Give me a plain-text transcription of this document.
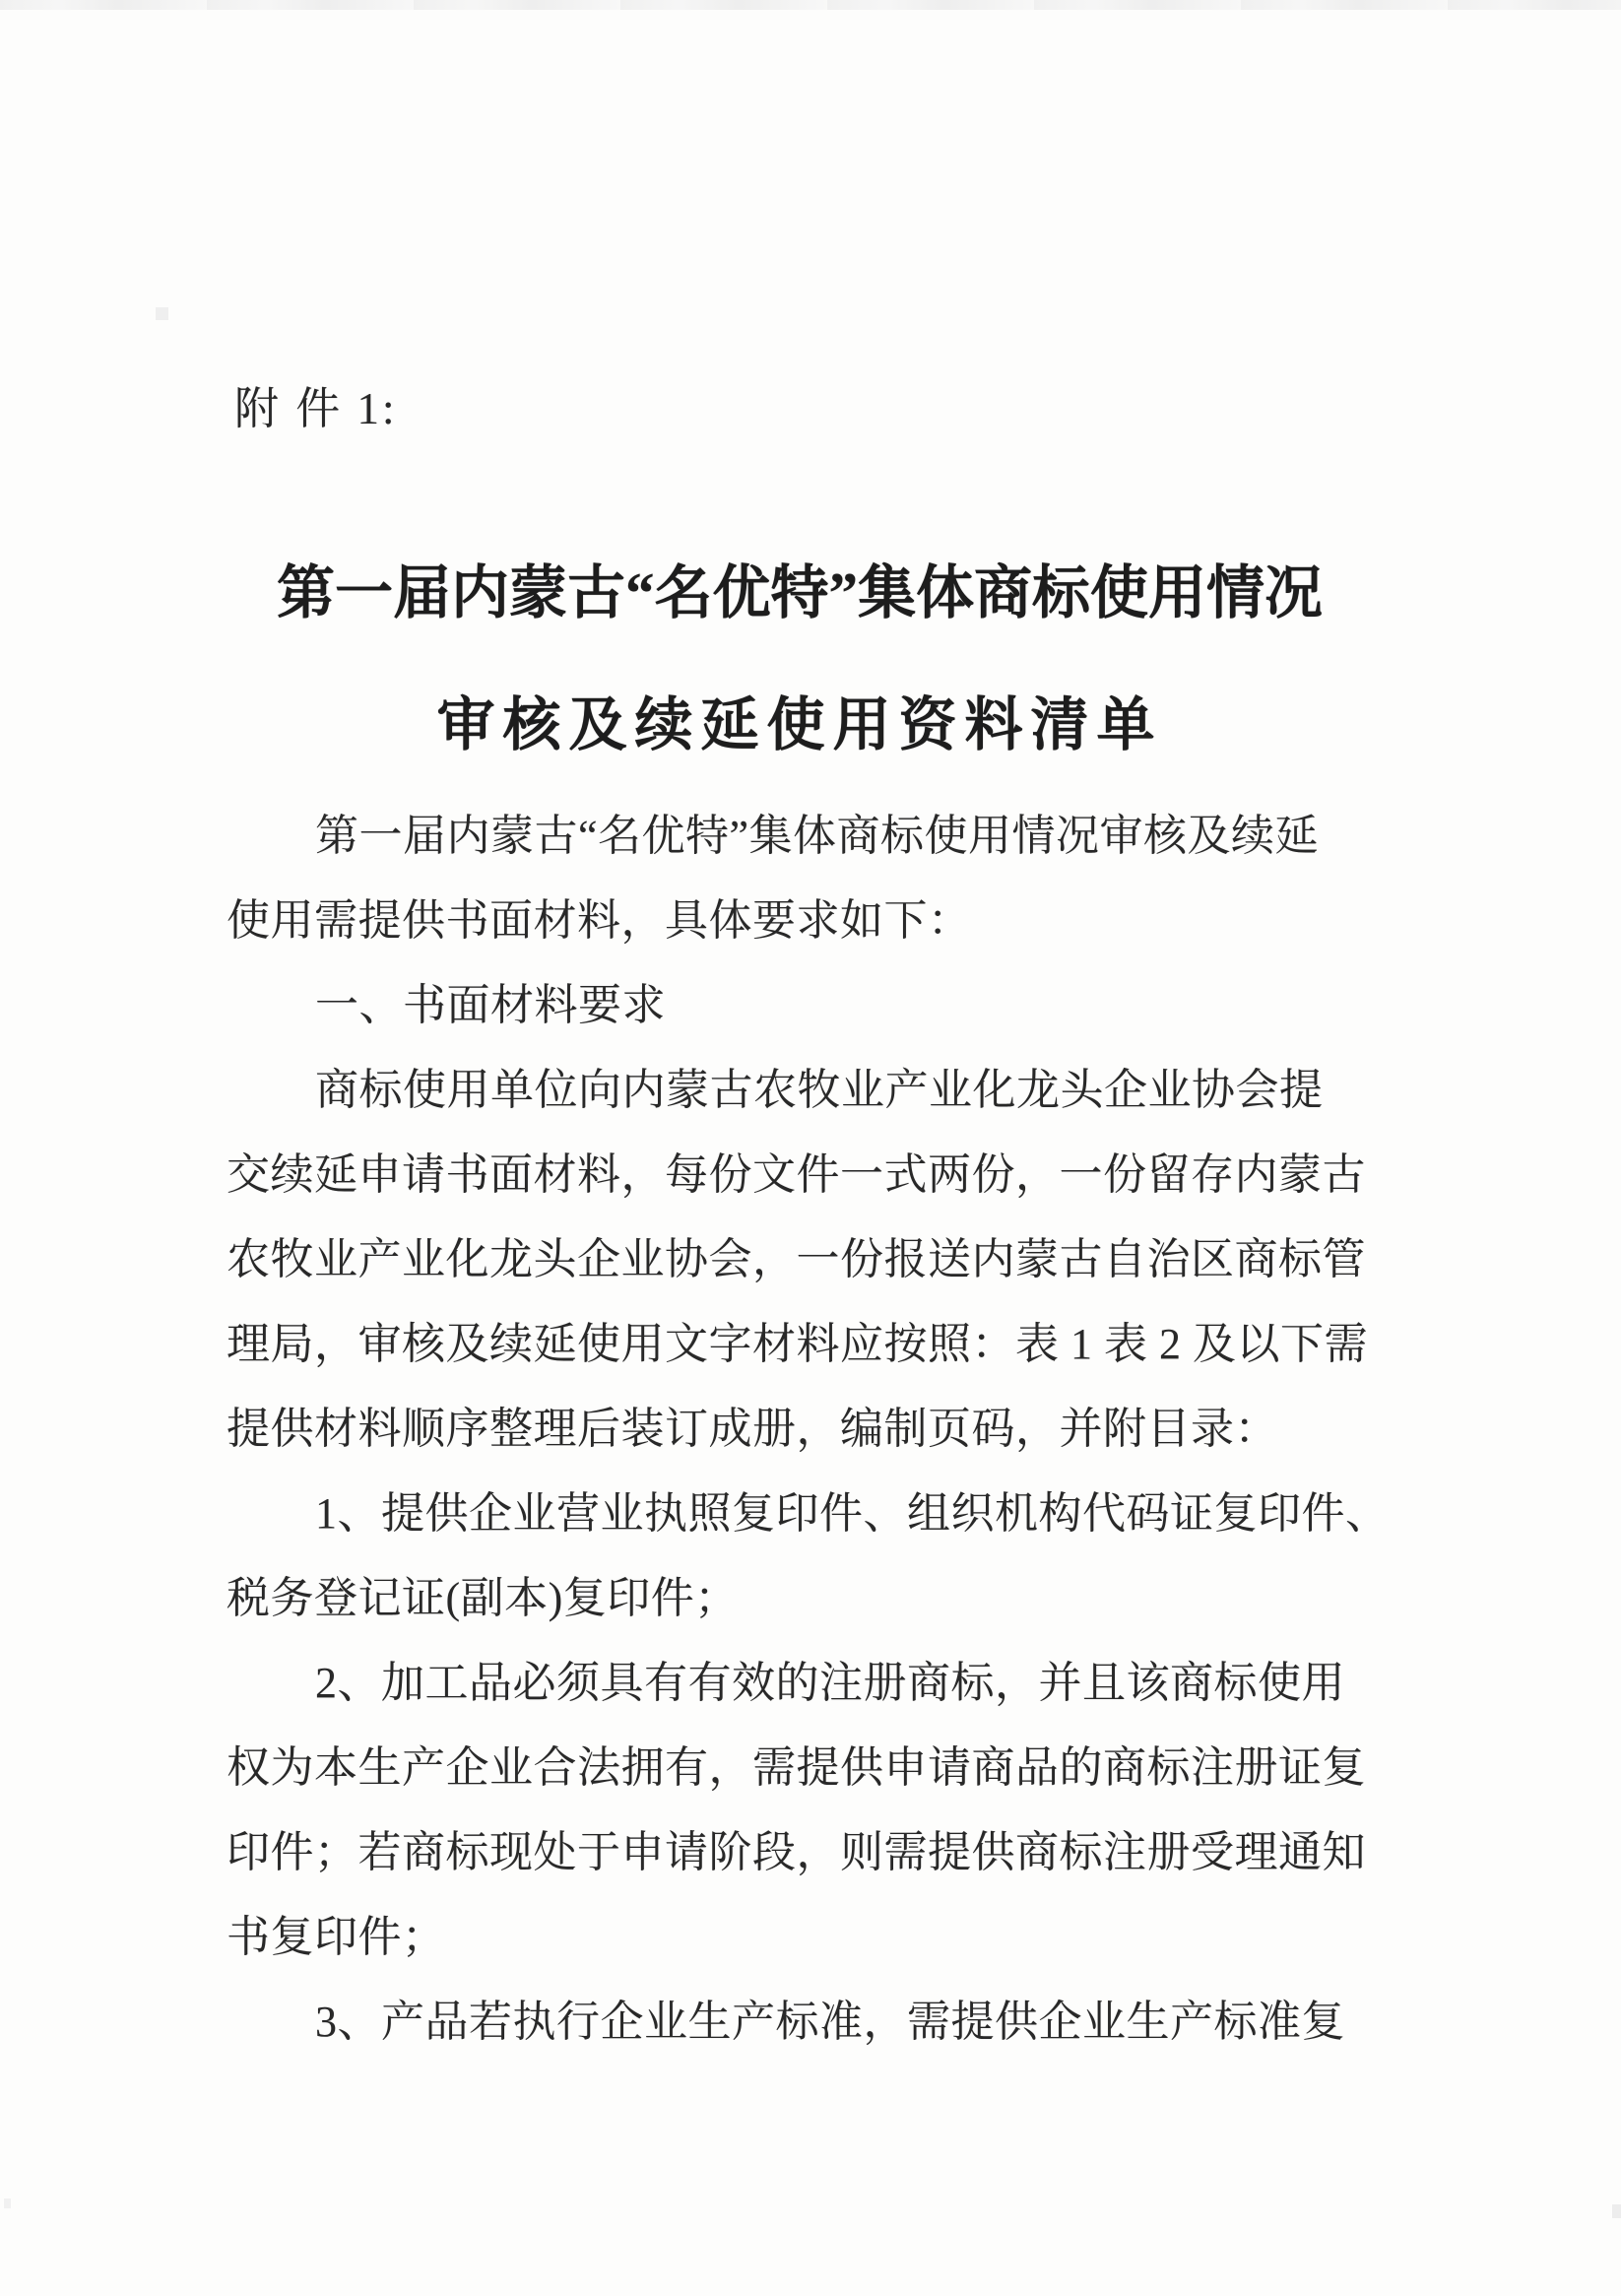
附 件 1:
第一届内蒙古“名优特”集体商标使用情况
审核及续延使用资料清单
第一届内蒙古“名优特”集体商标使用情况审核及续延
使用需提供书面材料，具体要求如下：
一、书面材料要求
商标使用单位向内蒙古农牧业产业化龙头企业协会提
交续延申请书面材料，每份文件一式两份，一份留存内蒙古
农牧业产业化龙头企业协会，一份报送内蒙古自治区商标管
理局，审核及续延使用文字材料应按照：表 1 表 2 及以下需
提供材料顺序整理后装订成册，编制页码，并附目录：
1、提供企业营业执照复印件、组织机构代码证复印件、
税务登记证(副本)复印件；
2、加工品必须具有有效的注册商标，并且该商标使用
权为本生产企业合法拥有，需提供申请商品的商标注册证复
印件；若商标现处于申请阶段，则需提供商标注册受理通知
书复印件；
3、产品若执行企业生产标准，需提供企业生产标准复
